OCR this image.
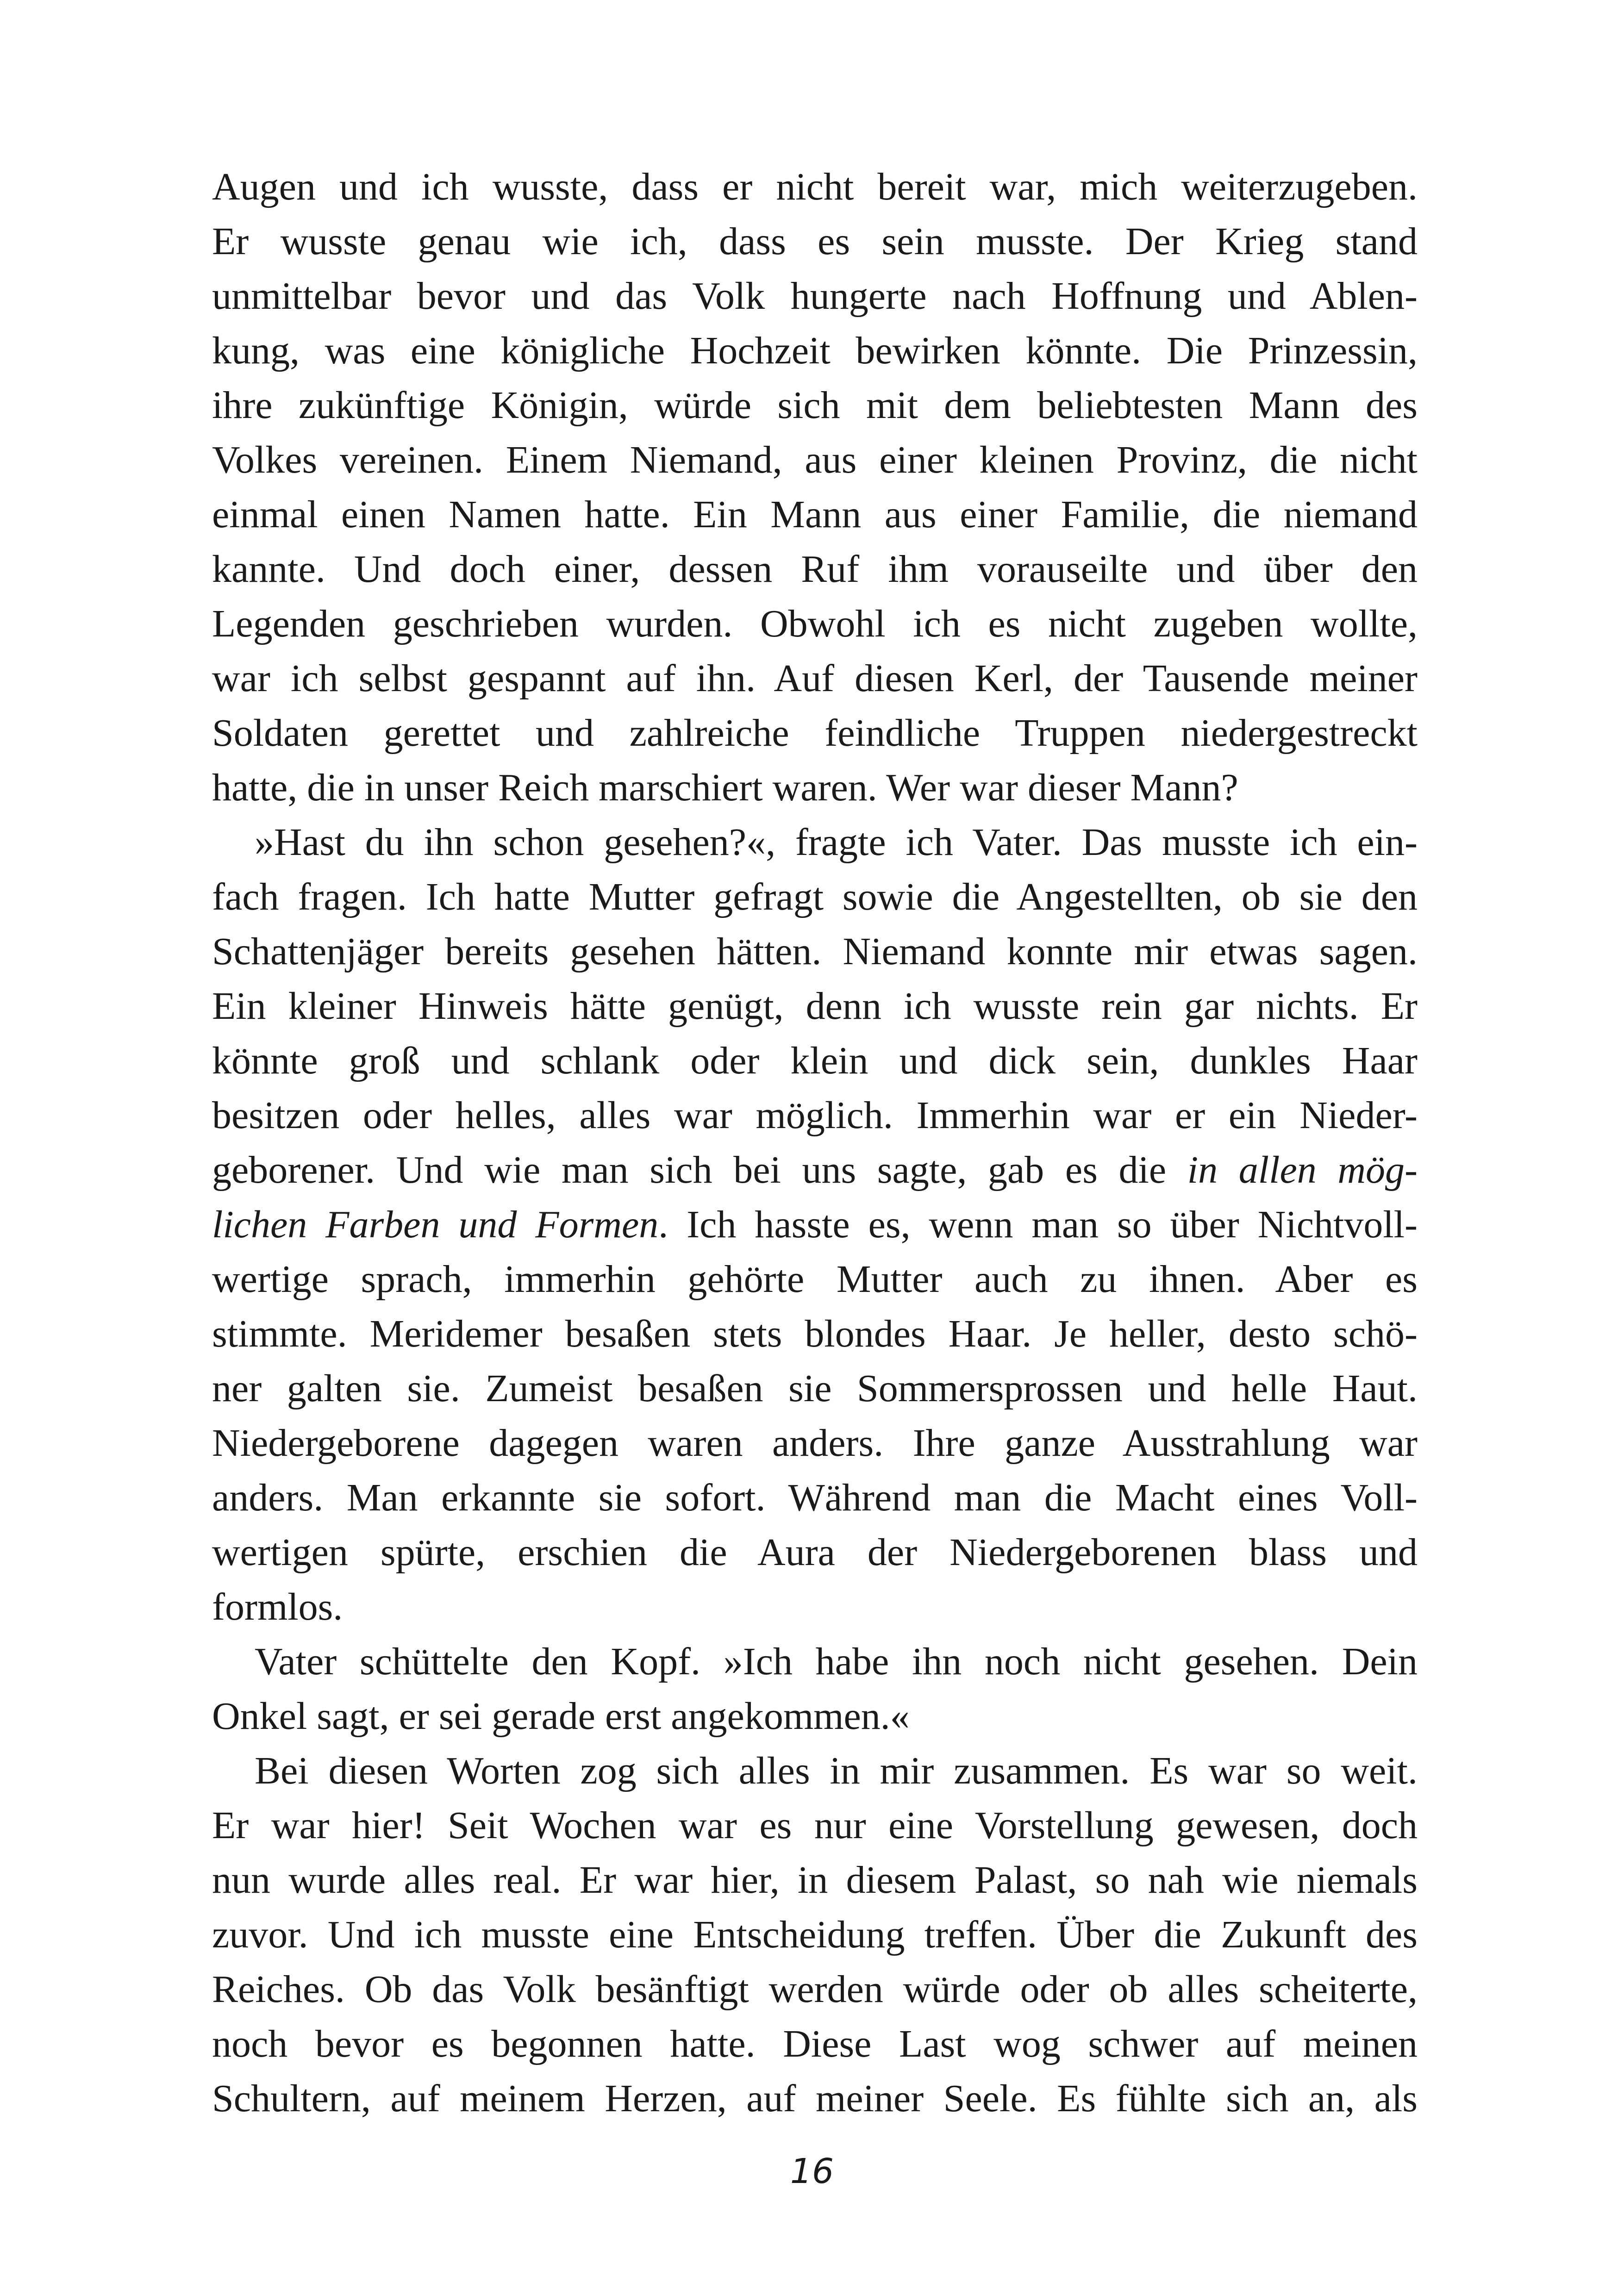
Augen und ich wusste, dass er nicht bereit war, mich weiterzugeben.
Er wusste genau wie ich, dass es sein musste. Der Krieg stand
unmittelbar bevor und das Volk hungerte nach Hoffnung und Ablen-
kung, was eine königliche Hochzeit bewirken könnte. Die Prinzessin,
ihre zukünftige Königin, würde sich mit dem beliebtesten Mann des
Volkes vereinen. Einem Niemand, aus einer kleinen Provinz, die nicht
einmal einen Namen hatte. Ein Mann aus einer Familie, die niemand
kannte. Und doch einer, dessen Ruf ihm vorauseilte und über den
Legenden geschrieben wurden. Obwohl ich es nicht zugeben wollte,
war ich selbst gespannt auf ihn. Auf diesen Kerl, der Tausende meiner
Soldaten gerettet und zahlreiche feindliche Truppen niedergestreckt
hatte, die in unser Reich marschiert waren. Wer war dieser Mann?
»Hast du ihn schon gesehen?«, fragte ich Vater. Das musste ich ein-
fach fragen. Ich hatte Mutter gefragt sowie die Angestellten, ob sie den
Schattenjäger bereits gesehen hätten. Niemand konnte mir etwas sagen.
Ein kleiner Hinweis hätte genügt, denn ich wusste rein gar nichts. Er
könnte groß und schlank oder klein und dick sein, dunkles Haar
besitzen oder helles, alles war möglich. Immerhin war er ein Nieder-
geborener. Und wie man sich bei uns sagte, gab es die in allen mög-
lichen Farben und Formen. Ich hasste es, wenn man so über Nichtvoll-
wertige sprach, immerhin gehörte Mutter auch zu ihnen. Aber es
stimmte. Meridemer besaßen stets blondes Haar. Je heller, desto schö-
ner galten sie. Zumeist besaßen sie Sommersprossen und helle Haut.
Niedergeborene dagegen waren anders. Ihre ganze Ausstrahlung war
anders. Man erkannte sie sofort. Während man die Macht eines Voll-
wertigen spürte, erschien die Aura der Niedergeborenen blass und
formlos.
Vater schüttelte den Kopf. »Ich habe ihn noch nicht gesehen. Dein
Onkel sagt, er sei gerade erst angekommen.«
Bei diesen Worten zog sich alles in mir zusammen. Es war so weit.
Er war hier! Seit Wochen war es nur eine Vorstellung gewesen, doch
nun wurde alles real. Er war hier, in diesem Palast, so nah wie niemals
zuvor. Und ich musste eine Entscheidung treffen. Über die Zukunft des
Reiches. Ob das Volk besänftigt werden würde oder ob alles scheiterte,
noch bevor es begonnen hatte. Diese Last wog schwer auf meinen
Schultern, auf meinem Herzen, auf meiner Seele. Es fühlte sich an, als
16
